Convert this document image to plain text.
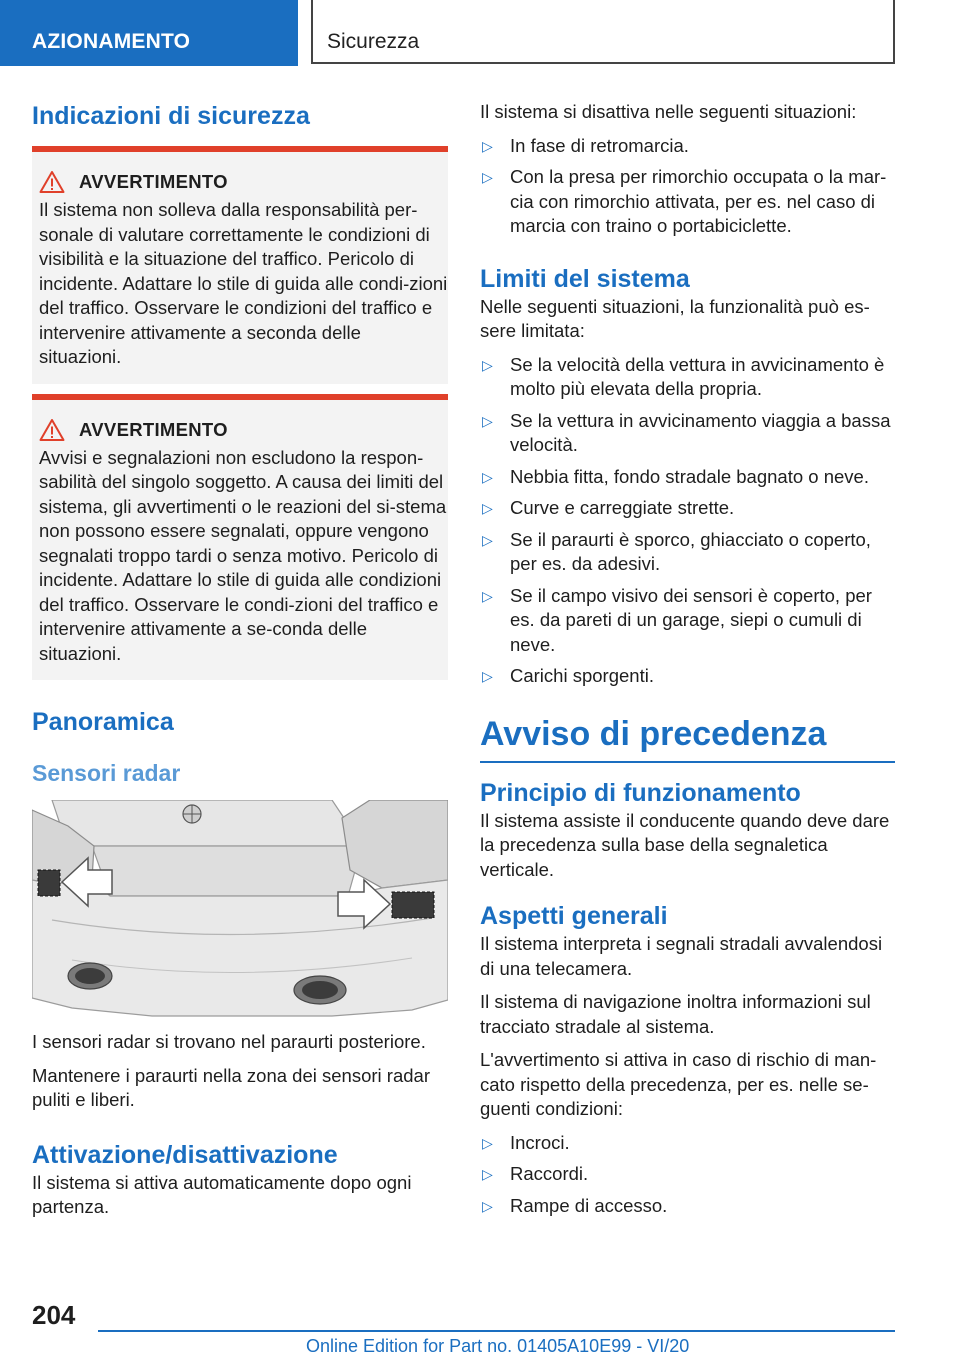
AZIONAMENTO	Sicurezza
Indicazioni di sicurezza
AVVERTIMENTO

Il sistema non solleva dalla responsabilità per-sonale di valutare correttamente le condizioni di visibilità e la situazione del traffico. Pericolo di incidente. Adattare lo stile di guida alle condi-zioni del traffico. Osservare le condizioni del traffico e intervenire attivamente a seconda delle situazioni.

AVVERTIMENTO

Avvisi e segnalazioni non escludono la respon-sabilità del singolo soggetto. A causa dei limiti del sistema, gli avvertimenti o le reazioni del si-stema non possono essere segnalati, oppure vengono segnalati troppo tardi o senza motivo. Pericolo di incidente. Adattare lo stile di guida alle condizioni del traffico. Osservare le condi-zioni del traffico e intervenire attivamente a se-conda delle situazioni.

Panoramica
Sensori radar

I sensori radar si trovano nel paraurti posteriore.

Mantenere i paraurti nella zona dei sensori radar puliti e liberi.

Attivazione/disattivazione

Il sistema si attiva automaticamente dopo ogni partenza.

Il sistema si disattiva nelle seguenti situazioni:

▷ In fase di retromarcia.
▷ Con la presa per rimorchio occupata o la mar-cia con rimorchio attivata, per es. nel caso di marcia con traino o portabiciclette.
Limiti del sistema

Nelle seguenti situazioni, la funzionalità può es-sere limitata:

▷ Se la velocità della vettura in avvicinamento è molto più elevata della propria.
▷ Se la vettura in avvicinamento viaggia a bassa velocità.
▷ Nebbia fitta, fondo stradale bagnato o neve.
▷ Curve e carreggiate strette.
▷ Se il paraurti è sporco, ghiacciato o coperto, per es. da adesivi.
▷ Se il campo visivo dei sensori è coperto, per es. da pareti di un garage, siepi o cumuli di neve.
▷ Carichi sporgenti.
Avviso di precedenza
Principio di funzionamento

Il sistema assiste il conducente quando deve dare la precedenza sulla base della segnaletica verticale.

Aspetti generali

Il sistema interpreta i segnali stradali avvalendosi di una telecamera.

Il sistema di navigazione inoltra informazioni sul tracciato stradale al sistema.

L'avvertimento si attiva in caso di rischio di man-cato rispetto della precedenza, per es. nelle se-guenti condizioni:

▷ Incroci.
▷ Raccordi.
▷ Rampe di accesso.
204
Online Edition for Part no. 01405A10E99 - VI/20
